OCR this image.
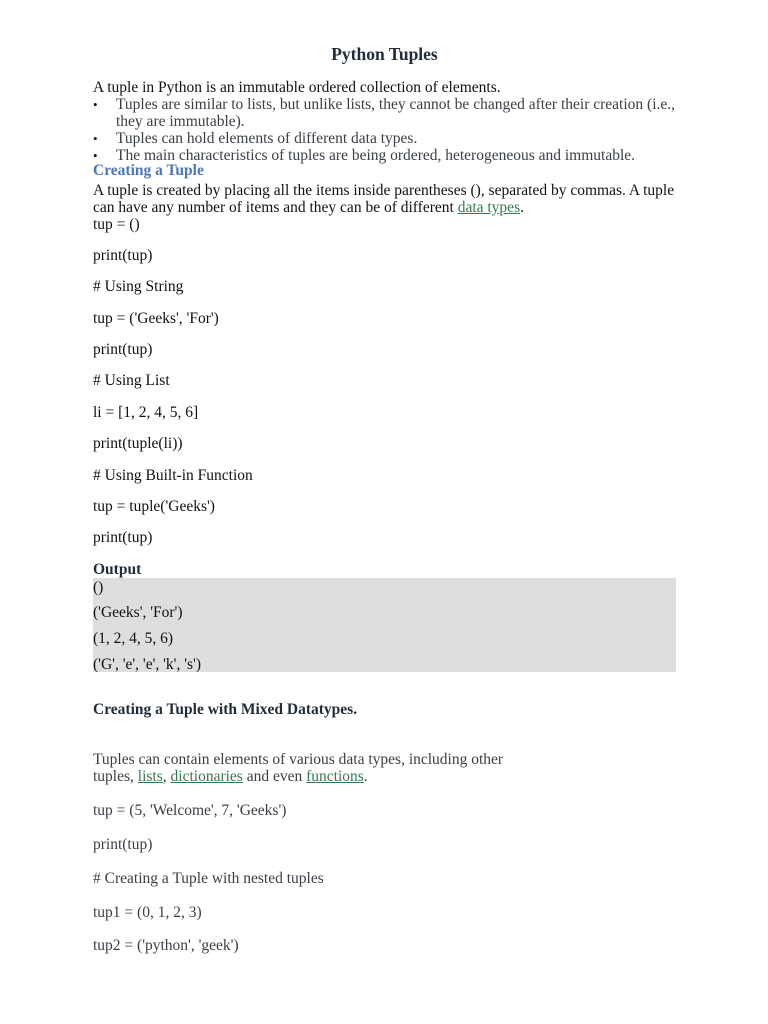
Python Tuples
A tuple in Python is an immutable ordered collection of elements.
• Tuples are similar to lists, but unlike lists, they cannot be changed after their creation (i.e., they are immutable).
• Tuples can hold elements of different data types.
• The main characteristics of tuples are being ordered, heterogeneous and immutable.
Creating a Tuple
A tuple is created by placing all the items inside parentheses (), separated by commas. A tuple can have any number of items and they can be of different data types.
tup = ()
print(tup)
# Using String
tup = ('Geeks', 'For')
print(tup)
# Using List
li = [1, 2, 4, 5, 6]
print(tuple(li))
# Using Built-in Function
tup = tuple('Geeks')
print(tup)
Output
()
('Geeks', 'For')
(1, 2, 4, 5, 6)
('G', 'e', 'e', 'k', 's')
Creating a Tuple with Mixed Datatypes.
Tuples can contain elements of various data types, including other
tuples, lists, dictionaries and even functions.
tup = (5, 'Welcome', 7, 'Geeks')
print(tup)
# Creating a Tuple with nested tuples
tup1 = (0, 1, 2, 3)
tup2 = ('python', 'geek')
